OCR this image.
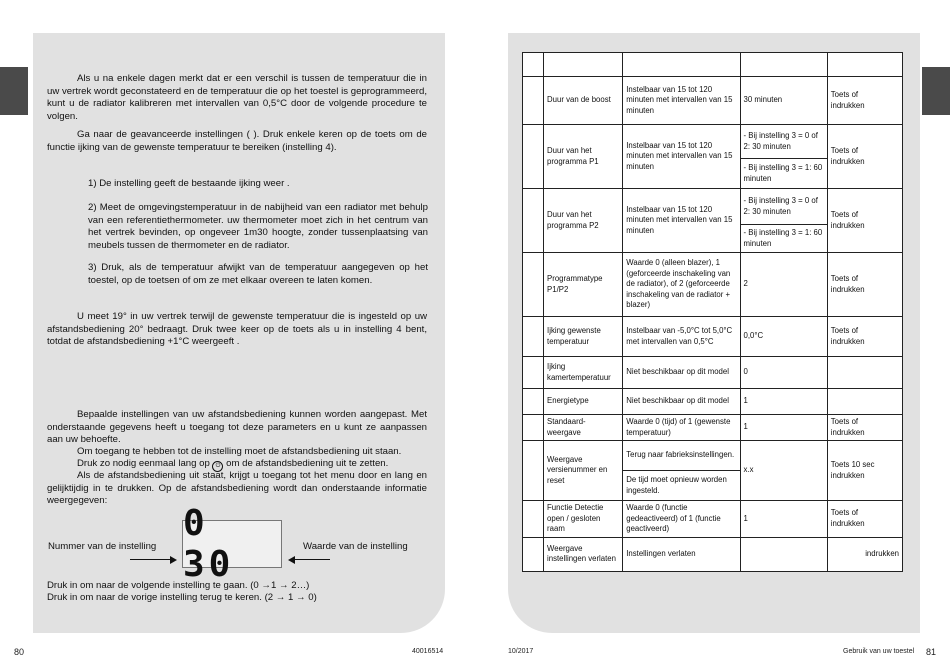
Als u na enkele dagen merkt dat er een verschil is tussen de temperatuur die in uw vertrek wordt geconstateerd en de temperatuur die op het toestel is geprogrammeerd, kunt u de radiator kalibreren met intervallen van 0,5°C door de volgende procedure te volgen.
Ga naar de geavanceerde instellingen ( ). Druk enkele keren op de toets om de functie ijking van de gewenste temperatuur te bereiken (instelling 4).
1) De instelling geeft de bestaande ijking weer .
2) Meet de omgevingstemperatuur in de nabijheid van een radiator met behulp van een referentiethermometer. uw thermometer moet zich in het centrum van het vertrek bevinden, op ongeveer 1m30 hoogte, zonder tussenplaatsing van meubels tussen de thermometer en de radiator.
3) Druk, als de temperatuur afwijkt van de temperatuur aangegeven op het toestel, op de toetsen of om ze met elkaar overeen te laten komen.
U meet 19° in uw vertrek terwijl de gewenste temperatuur die is ingesteld op uw afstandsbediening 20° bedraagt. Druk twee keer op de toets als u in instelling 4 bent, totdat de afstandsbediening +1°C weergeeft .
Bepaalde instellingen van uw afstandsbediening kunnen worden aangepast. Met onderstaande gegevens heeft u toegang tot deze parameters en u kunt ze aanpassen aan uw behoefte.
Om toegang te hebben tot de instelling moet de afstandsbediening uit staan.
Druk zo nodig eenmaal lang op ⏻ om de afstandsbediening uit te zetten.
Als de afstandsbediening uit staat, krijgt u toegang tot het menu door en lang en gelijktijdig in te drukken. Op de afstandsbediening wordt dan onderstaande informatie weergegeven:
Nummer van de instelling
0 30	Waarde van de instelling
Druk in om naar de volgende instelling te gaan. (0 →1 → 2…)
Druk in om naar de vorige instelling terug te keren. (2 → 1 → 0)
80	40016514

	Duur van de boost	Instelbaar van 15 tot 120 minuten met intervallen van 15 minuten	30 minuten	Toets of
indrukken
	Duur van het programma P1	Instelbaar van 15 tot 120 minuten met intervallen van 15 minuten	- Bij instelling 3 = 0 of 2: 30 minuten	Toets of
indrukken
			- Bij instelling 3 = 1: 60 minuten	
	Duur van het programma P2	Instelbaar van 15 tot 120 minuten met intervallen van 15 minuten	- Bij instelling 3 = 0 of 2: 30 minuten	Toets of
indrukken
			- Bij instelling 3 = 1: 60 minuten	
	Programmatype P1/P2	Waarde 0 (alleen blazer), 1 (geforceerde inschakeling van de radiator), of 2 (geforceerde inschakeling van de radiator + blazer)	2	Toets of
indrukken
	Ijking gewenste temperatuur	Instelbaar van -5,0°C tot 5,0°C met intervallen van 0,5°C	0,0°C	Toets of
indrukken
	Ijking kamertemperatuur	Niet beschikbaar op dit model	0	
	Energietype	Niet beschikbaar op dit model	1	
	Standaard-weergave	Waarde 0 (tijd) of 1 (gewenste temperatuur)	1	Toets of
indrukken
	Weergave versienummer en reset	Terug naar fabrieksinstellingen.	x.x	Toets 10 sec
indrukken
		De tijd moet opnieuw worden ingesteld.		
	Functie Detectie open / gesloten raam	Waarde 0 (functie gedeactiveerd) of 1 (functie geactiveerd)	1	Toets of
indrukken
	Weergave instellingen verlaten	Instellingen verlaten		indrukken
10/2017	Gebruik van uw toestel 81
